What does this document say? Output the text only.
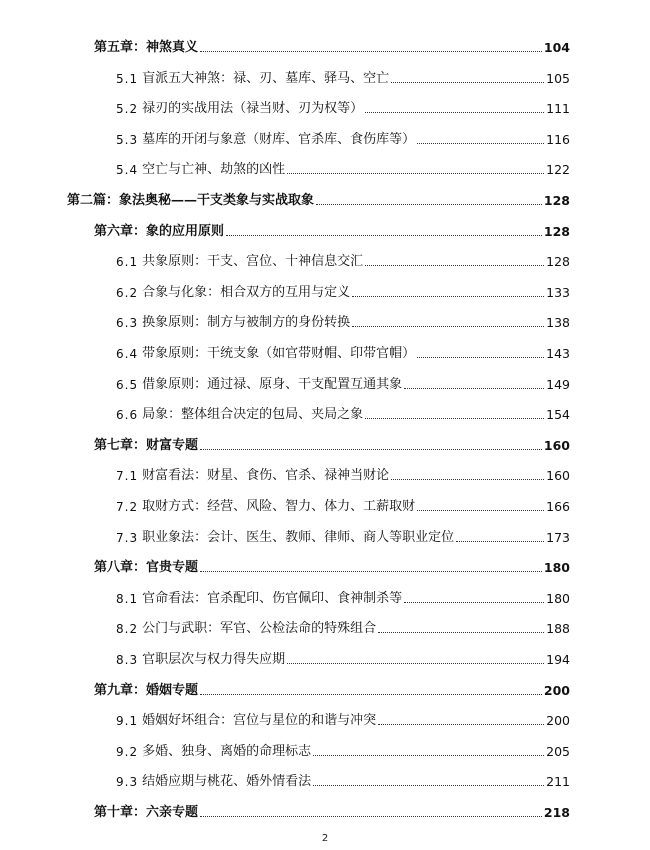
第五章：神煞真义	104
5.1 盲派五大神煞：禄、刃、墓库、驿马、空亡	105
5.2 禄刃的实战用法（禄当财、刃为权等）	111
5.3 墓库的开闭与象意（财库、官杀库、食伤库等）	116
5.4 空亡与亡神、劫煞的凶性	122
第二篇：象法奥秘——干支类象与实战取象	128
第六章：象的应用原则	128
6.1 共象原则：干支、宫位、十神信息交汇	128
6.2 合象与化象：相合双方的互用与定义	133
6.3 换象原则：制方与被制方的身份转换	138
6.4 带象原则：干统支象（如官带财帽、印带官帽）	143
6.5 借象原则：通过禄、原身、干支配置互通其象	149
6.6 局象：整体组合决定的包局、夹局之象	154
第七章：财富专题	160
7.1 财富看法：财星、食伤、官杀、禄神当财论	160
7.2 取财方式：经营、风险、智力、体力、工薪取财	166
7.3 职业象法：会计、医生、教师、律师、商人等职业定位	173
第八章：官贵专题	180
8.1 官命看法：官杀配印、伤官佩印、食神制杀等	180
8.2 公门与武职：军官、公检法命的特殊组合	188
8.3 官职层次与权力得失应期	194
第九章：婚姻专题	200
9.1 婚姻好坏组合：宫位与星位的和谐与冲突	200
9.2 多婚、独身、离婚的命理标志	205
9.3 结婚应期与桃花、婚外情看法	211
第十章：六亲专题	218
2
